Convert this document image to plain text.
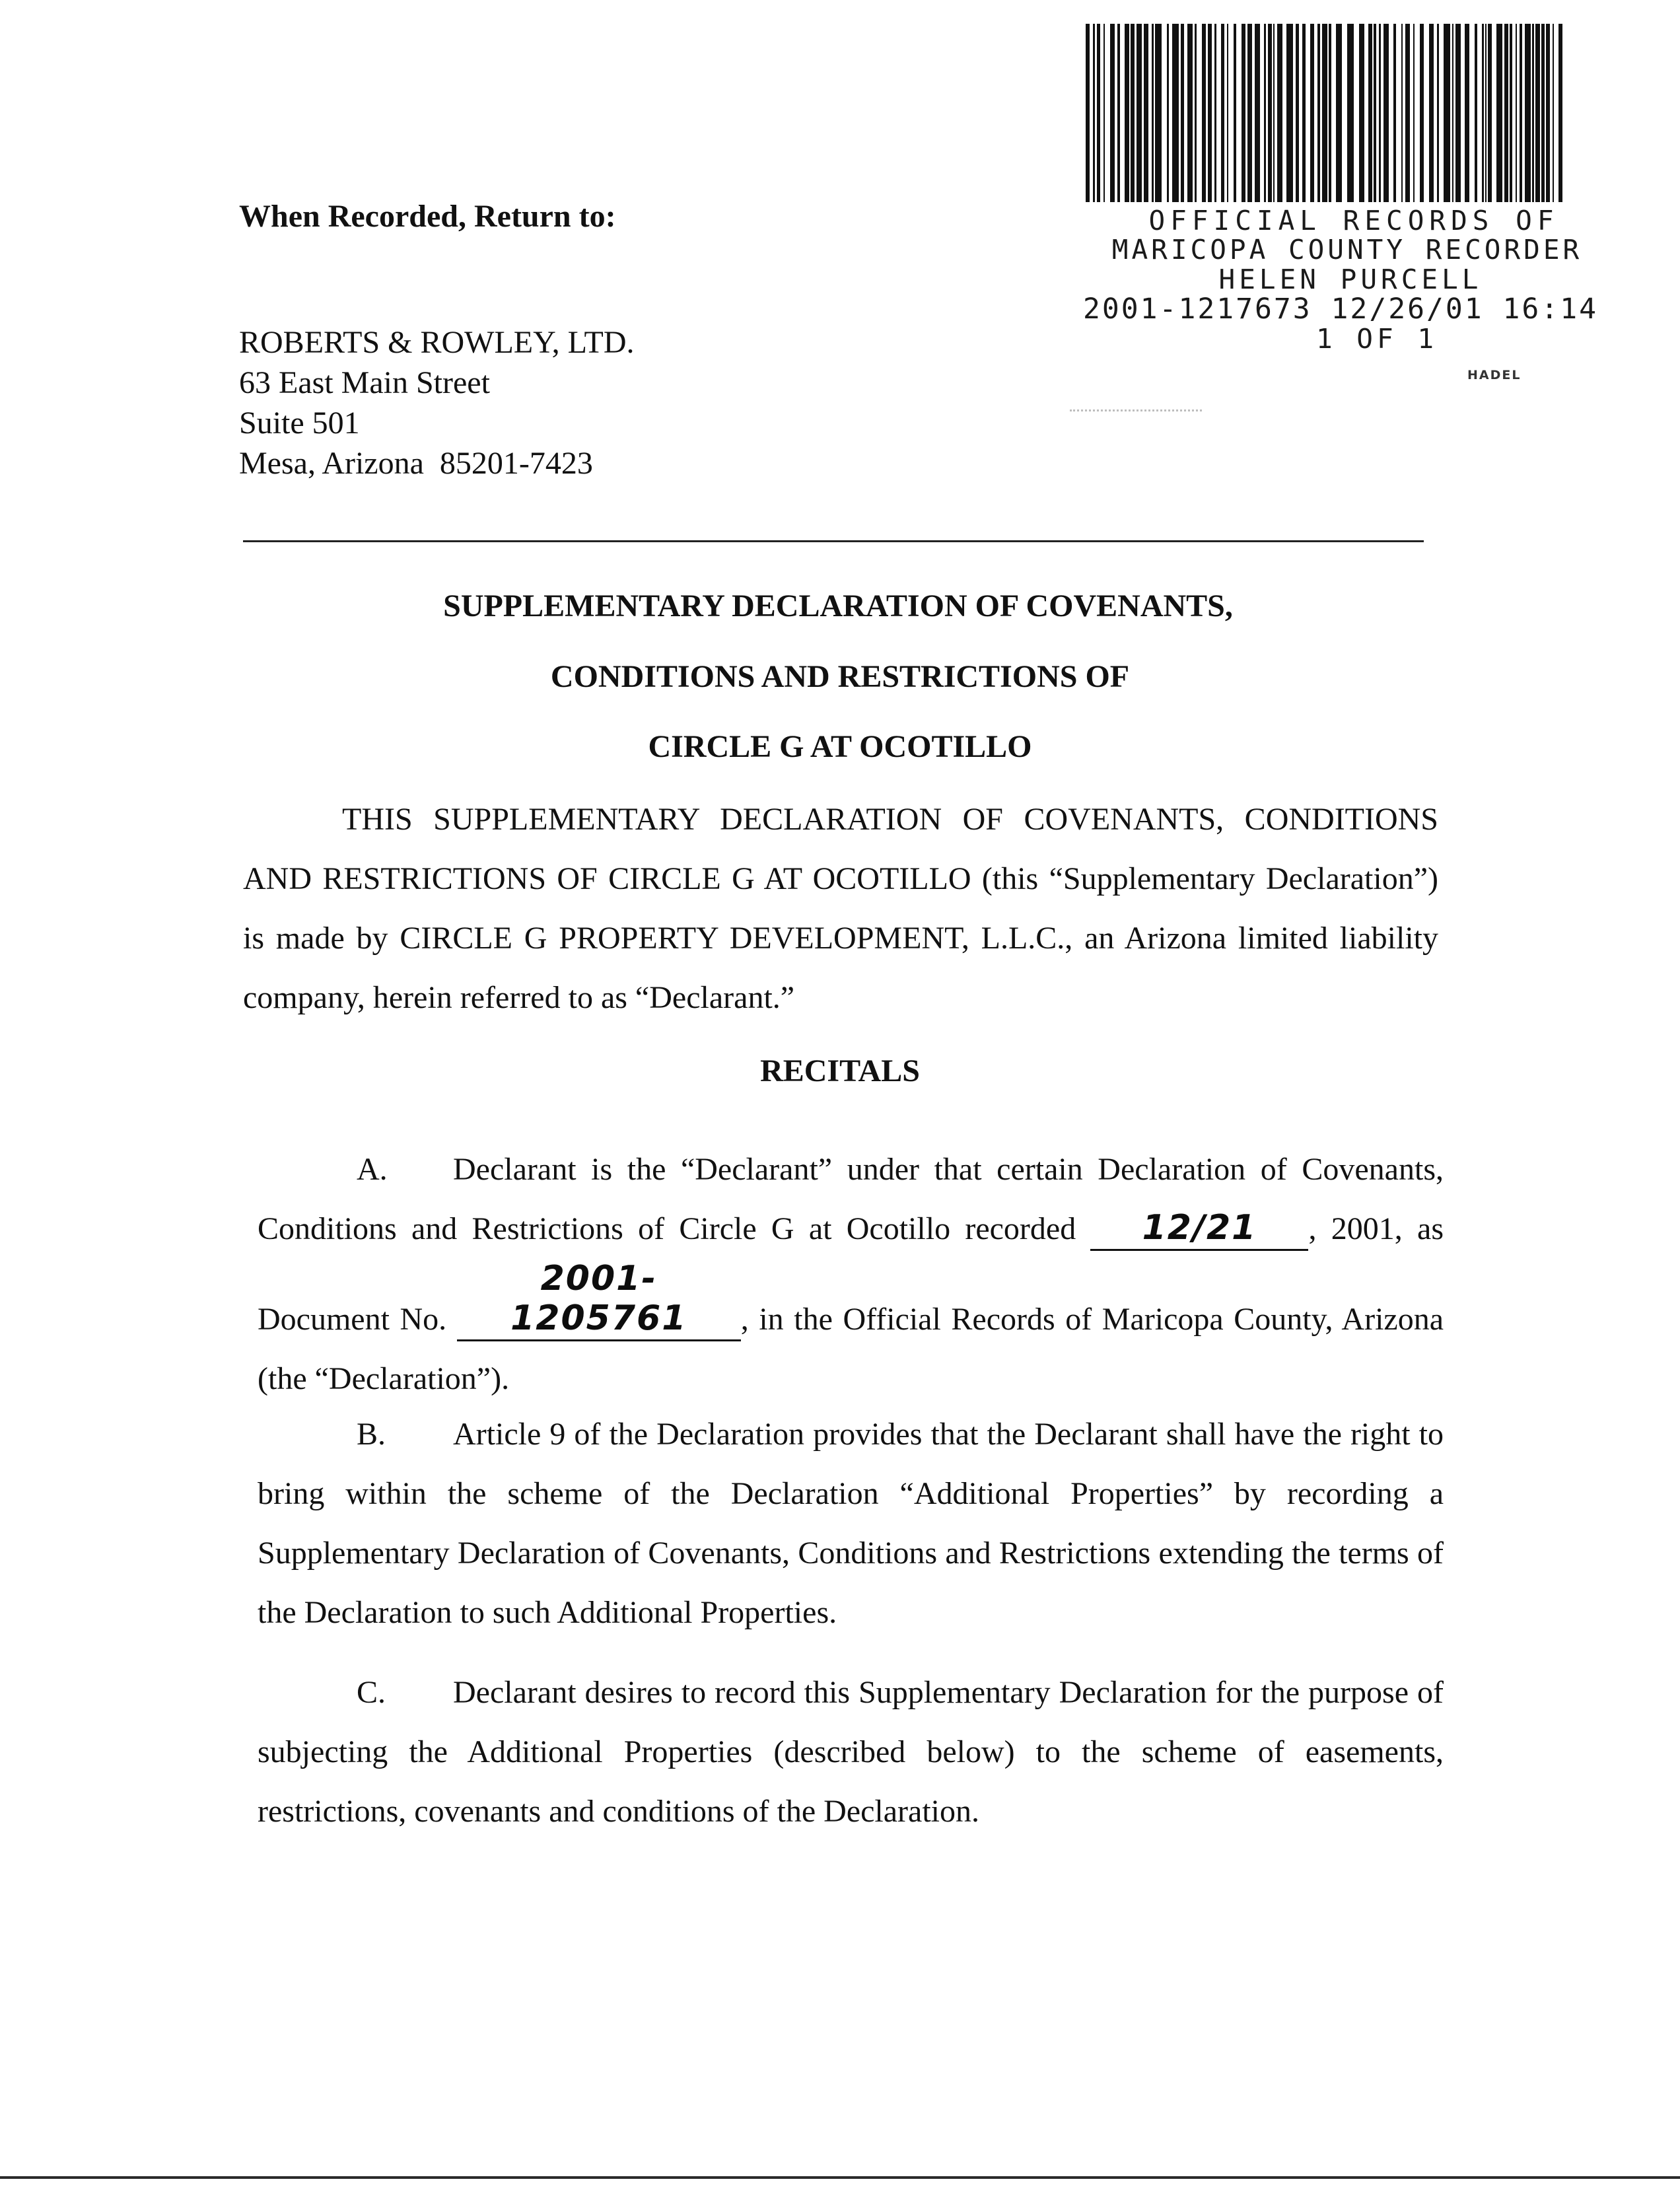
OFFICIAL RECORDS OF
MARICOPA COUNTY RECORDER
HELEN PURCELL
2001-1217673 12/26/01 16:14
1 OF 1
HADEL
When Recorded, Return to:
ROBERTS & ROWLEY, LTD.
63 East Main Street
Suite 501
Mesa, Arizona  85201-7423
SUPPLEMENTARY DECLARATION OF COVENANTS,
CONDITIONS AND RESTRICTIONS OF
CIRCLE G AT OCOTILLO
THIS SUPPLEMENTARY DECLARATION OF COVENANTS, CONDITIONS AND RESTRICTIONS OF CIRCLE G AT OCOTILLO (this “Supplementary Declaration”) is made by CIRCLE G PROPERTY DEVELOPMENT, L.L.C., an Arizona limited liability company, herein referred to as “Declarant.”
RECITALS
A. Declarant is the “Declarant” under that certain Declaration of Covenants, Conditions and Restrictions of Circle G at Ocotillo recorded 12/21 , 2001, as Document No. 2001-1205761 , in the Official Records of Maricopa County, Arizona (the “Declaration”).
B. Article 9 of the Declaration provides that the Declarant shall have the right to bring within the scheme of the Declaration “Additional Properties” by recording a Supplementary Declaration of Covenants, Conditions and Restrictions extending the terms of the Declaration to such Additional Properties.
C. Declarant desires to record this Supplementary Declaration for the purpose of subjecting the Additional Properties (described below) to the scheme of easements, restrictions, covenants and conditions of the Declaration.
